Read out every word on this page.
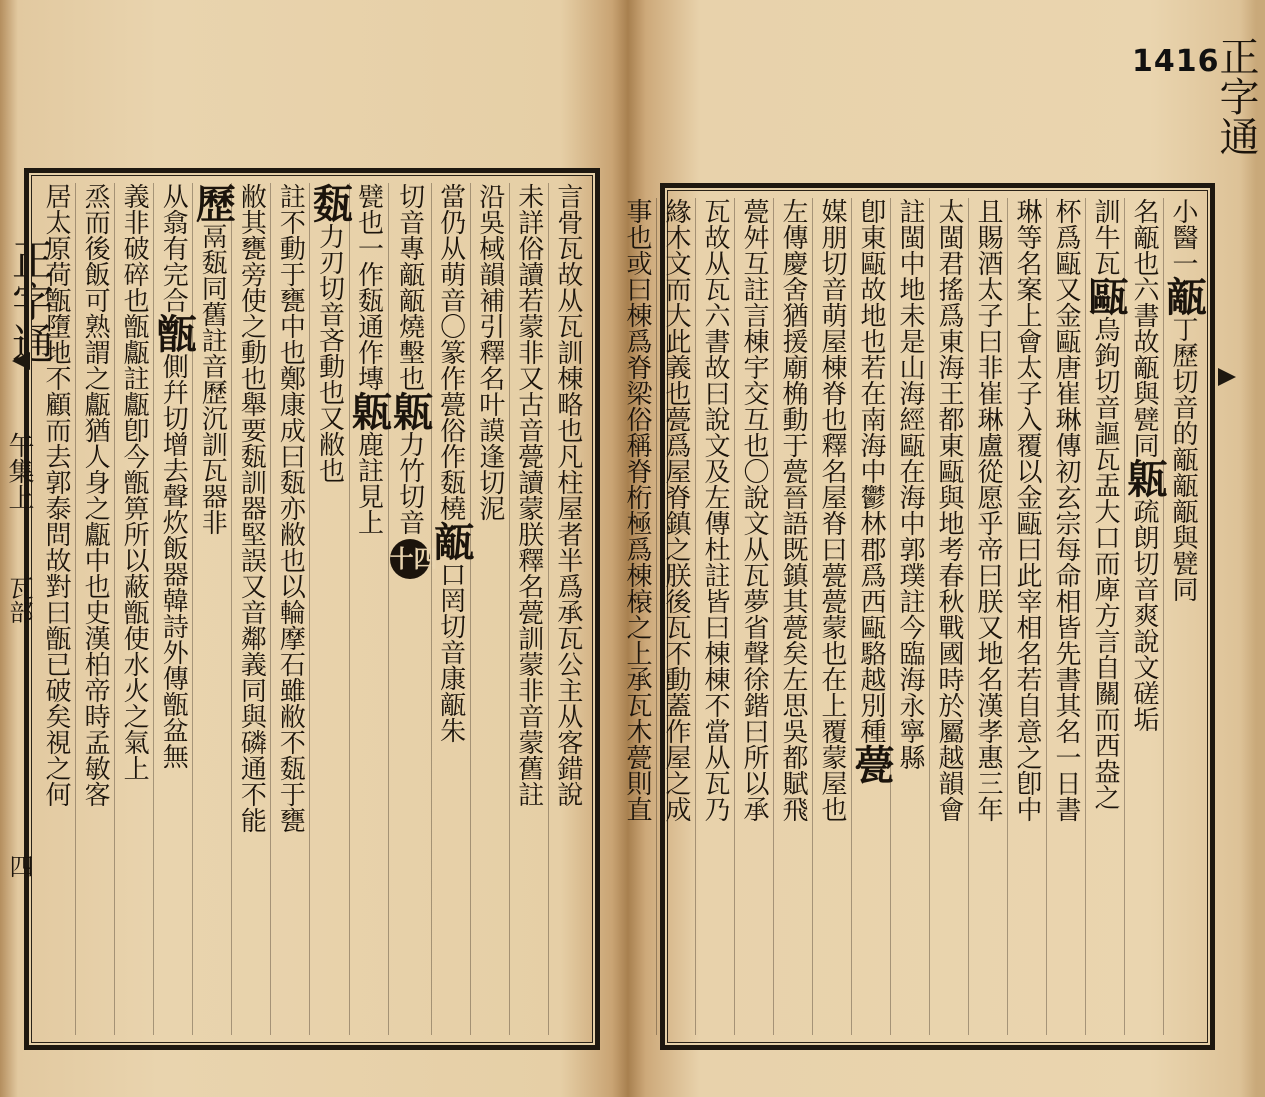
1416
正字通	言骨瓦故从瓦訓棟略也凡柱屋者半爲承瓦公主从客錯說
未詳俗讀若蒙非又古音甍讀蒙朕釋名甍訓蒙非音蒙舊註
沿吳棫韻補引釋名叶謨逢切泥
當仍从萌音〇篆作甍俗作瓾橈甋口罔切音康甋朱
切音專甋甋燒墼也甈力竹切音十四
甓也一作瓾通作塼甈鹿註見上
瓾力刃切音吝動也又敝也
註不動于甕中也鄭康成曰瓾亦敝也以輪摩石雖敝不瓾于甕
敝其甕旁使之動也舉要瓾訓器堅誤又音鄰義同與磷通不能
歷鬲瓾同舊註音歷沉訓瓦器非
从翕有完合甑側幷切增去聲炊飯器韓詩外傳甑盆無
義非破碎也甑甗註甗卽今甑箅所以蔽甑使水火之氣上
烝而後飯可熟謂之甗猶人身之甗中也史漢柏帝時孟敏客
居太原荷甑墮地不顧而去郭泰問故對曰甑已破矣視之何
午集上
瓦部
四
正字通
小醫一甋丁歷切音的甋甋甋與甓同
名甋也六書故甋與甓同甈疏朗切音爽說文磋垢
訓牛瓦甌烏鉤切音謳瓦盂大口而庳方言自關而西盎之
杯爲甌又金甌唐崔琳傳初玄宗每命相皆先書其名一日書
琳等名案上會太子入覆以金甌曰此宰相名若自意之卽中
且賜酒太子曰非崔琳盧從愿乎帝曰朕又地名漢孝惠三年
太閩君搖爲東海王都東甌與地考春秋戰國時於屬越韻會
註閩中地未是山海經甌在海中郭璞註今臨海永寧縣
卽東甌故地也若在南海中鬱林郡爲西甌駱越別種甍
媒朋切音萌屋棟脊也釋名屋脊曰甍甍蒙也在上覆蒙屋也
左傳慶舍猶援廟桷動于甍晉語既鎮其甍矣左思吳都賦飛
甍舛互註言棟宇交互也〇說文从瓦夢省聲徐鍇曰所以承
瓦故从瓦六書故曰說文及左傳杜註皆曰棟棟不當从瓦乃
緣木文而大此義也甍爲屋脊鎮之朕後瓦不動蓋作屋之成
事也或曰棟爲脊梁俗稱脊桁極爲棟榱之上承瓦木甍則直
